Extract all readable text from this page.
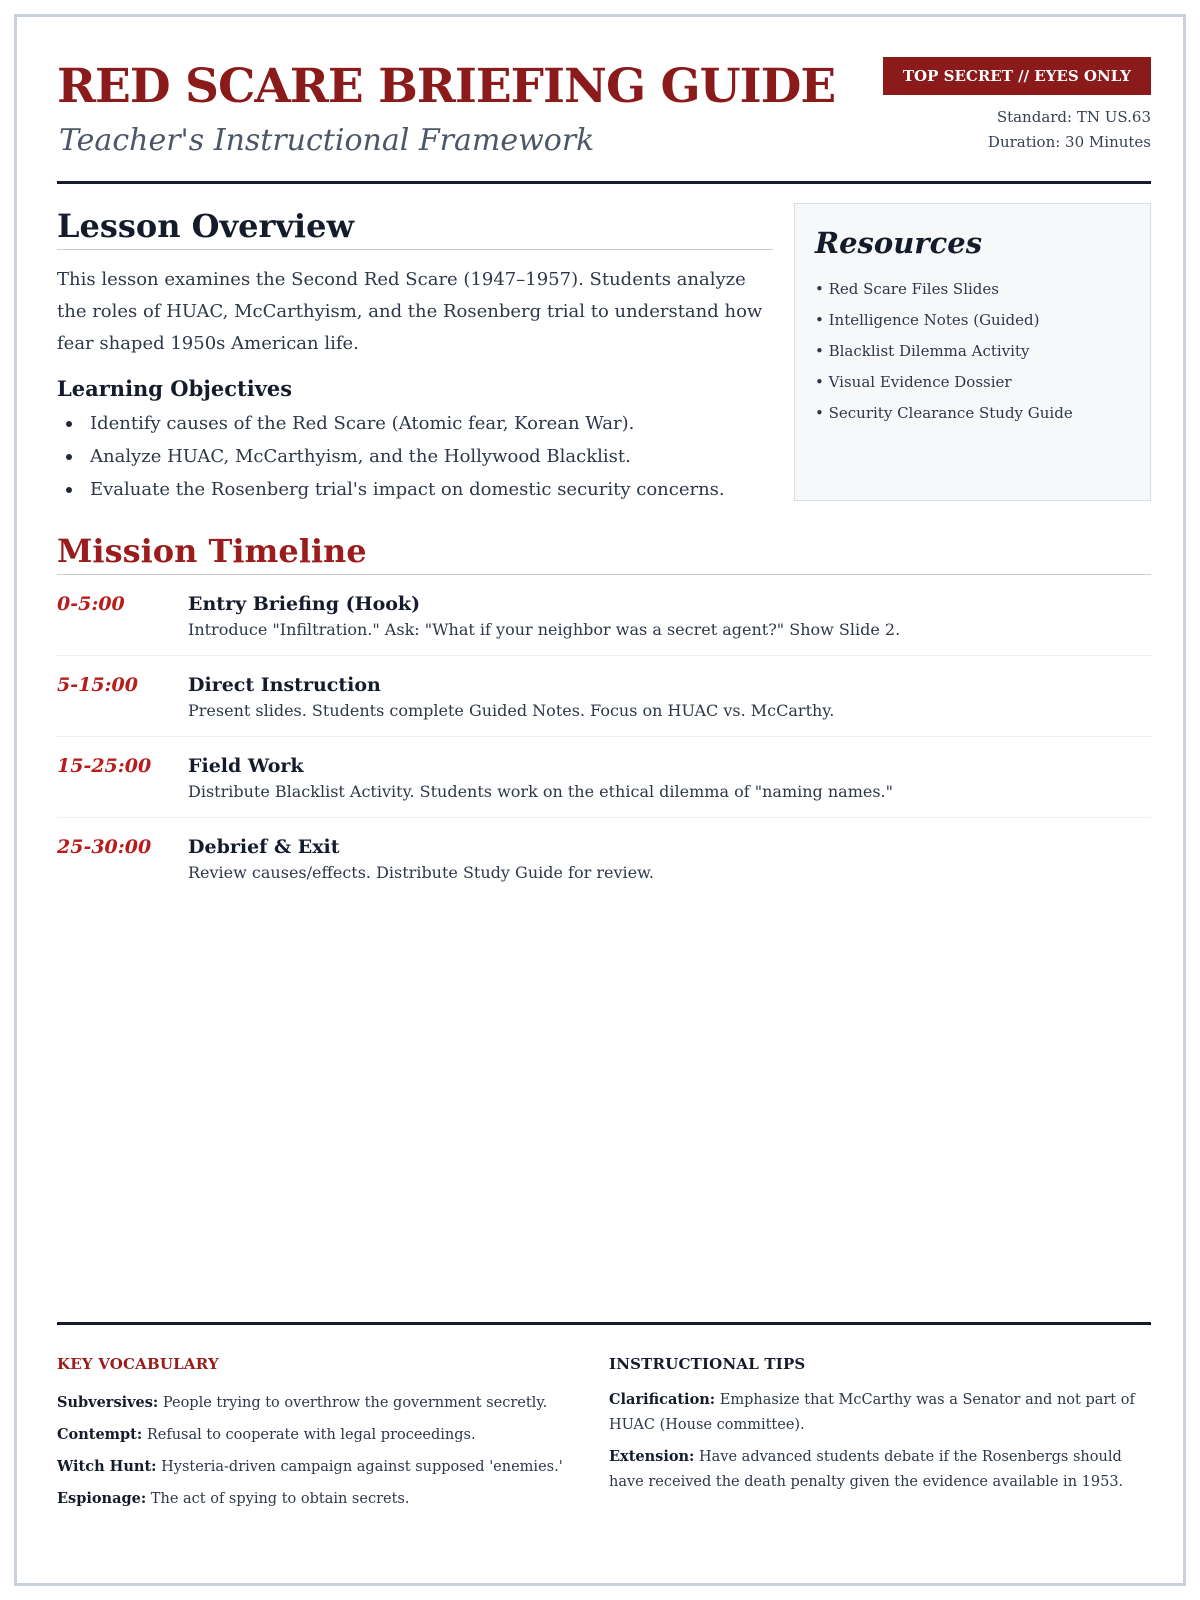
RED SCARE BRIEFING GUIDE

Teacher's Instructional Framework

TOP SECRET // EYES ONLY
Standard: TN US.63
Duration: 30 Minutes
Lesson Overview

This lesson examines the Second Red Scare (1947–1957). Students analyze the roles of HUAC, McCarthyism, and the Rosenberg trial to understand how fear shaped 1950s American life.

Learning Objectives
Identify causes of the Red Scare (Atomic fear, Korean War).
Analyze HUAC, McCarthyism, and the Hollywood Blacklist.
Evaluate the Rosenberg trial's impact on domestic security concerns.
Resources
• Red Scare Files Slides
• Intelligence Notes (Guided)
• Blacklist Dilemma Activity
• Visual Evidence Dossier
• Security Clearance Study Guide
Mission Timeline
0-5:00	Entry Briefing (Hook)
Introduce "Infiltration." Ask: "What if your neighbor was a secret agent?" Show Slide 2.
5-15:00	Direct Instruction
Present slides. Students complete Guided Notes. Focus on HUAC vs. McCarthy.
15-25:00 Field Work
Distribute Blacklist Activity. Students work on the ethical dilemma of "naming names."
25-30:00 Debrief & Exit
Review causes/effects. Distribute Study Guide for review.
KEY VOCABULARY
Subversives: People trying to overthrow the government secretly.
Contempt: Refusal to cooperate with legal proceedings.
Witch Hunt: Hysteria-driven campaign against supposed 'enemies.'
Espionage: The act of spying to obtain secrets.
INSTRUCTIONAL TIPS
Clarification: Emphasize that McCarthy was a Senator and not part of HUAC (House committee).
Extension: Have advanced students debate if the Rosenbergs should have received the death penalty given the evidence available in 1953.
